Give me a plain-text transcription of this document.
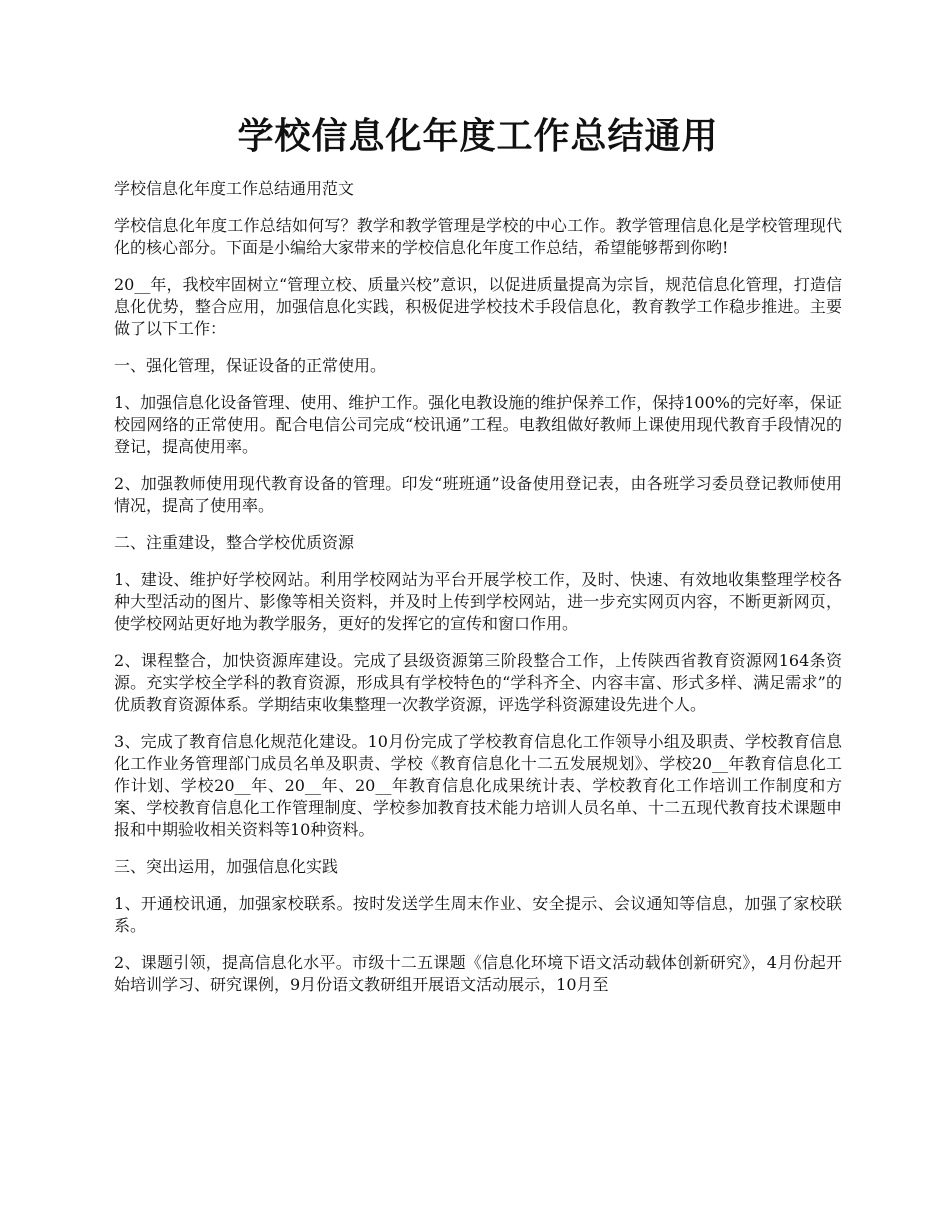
学校信息化年度工作总结通用

学校信息化年度工作总结通用范文

学校信息化年度工作总结如何写？教学和教学管理是学校的中心工作。教学管理信息化是学校管理现代化的核心部分。下面是小编给大家带来的学校信息化年度工作总结，希望能够帮到你哟!

20__年，我校牢固树立“管理立校、质量兴校”意识，以促进质量提高为宗旨，规范信息化管理，打造信息化优势，整合应用，加强信息化实践，积极促进学校技术手段信息化，教育教学工作稳步推进。主要做了以下工作：

一、强化管理，保证设备的正常使用。

1、加强信息化设备管理、使用、维护工作。强化电教设施的维护保养工作，保持100%的完好率，保证校园网络的正常使用。配合电信公司完成“校讯通”工程。电教组做好教师上课使用现代教育手段情况的登记，提高使用率。

2、加强教师使用现代教育设备的管理。印发“班班通”设备使用登记表，由各班学习委员登记教师使用情况，提高了使用率。

二、注重建设，整合学校优质资源

1、建设、维护好学校网站。利用学校网站为平台开展学校工作，及时、快速、有效地收集整理学校各种大型活动的图片、影像等相关资料，并及时上传到学校网站，进一步充实网页内容，不断更新网页，使学校网站更好地为教学服务，更好的发挥它的宣传和窗口作用。

2、课程整合，加快资源库建设。完成了县级资源第三阶段整合工作，上传陕西省教育资源网164条资源。充实学校全学科的教育资源，形成具有学校特色的“学科齐全、内容丰富、形式多样、满足需求”的优质教育资源体系。学期结束收集整理一次教学资源，评选学科资源建设先进个人。

3、完成了教育信息化规范化建设。10月份完成了学校教育信息化工作领导小组及职责、学校教育信息化工作业务管理部门成员名单及职责、学校《教育信息化十二五发展规划》、学校20__年教育信息化工作计划、学校20__年、20__年、20__年教育信息化成果统计表、学校教育化工作培训工作制度和方案、学校教育信息化工作管理制度、学校参加教育技术能力培训人员名单、十二五现代教育技术课题申报和中期验收相关资料等10种资料。

三、突出运用，加强信息化实践

1、开通校讯通，加强家校联系。按时发送学生周末作业、安全提示、会议通知等信息，加强了家校联系。

2、课题引领，提高信息化水平。市级十二五课题《信息化环境下语文活动载体创新研究》，4月份起开始培训学习、研究课例，9月份语文教研组开展语文活动展示，10月至
